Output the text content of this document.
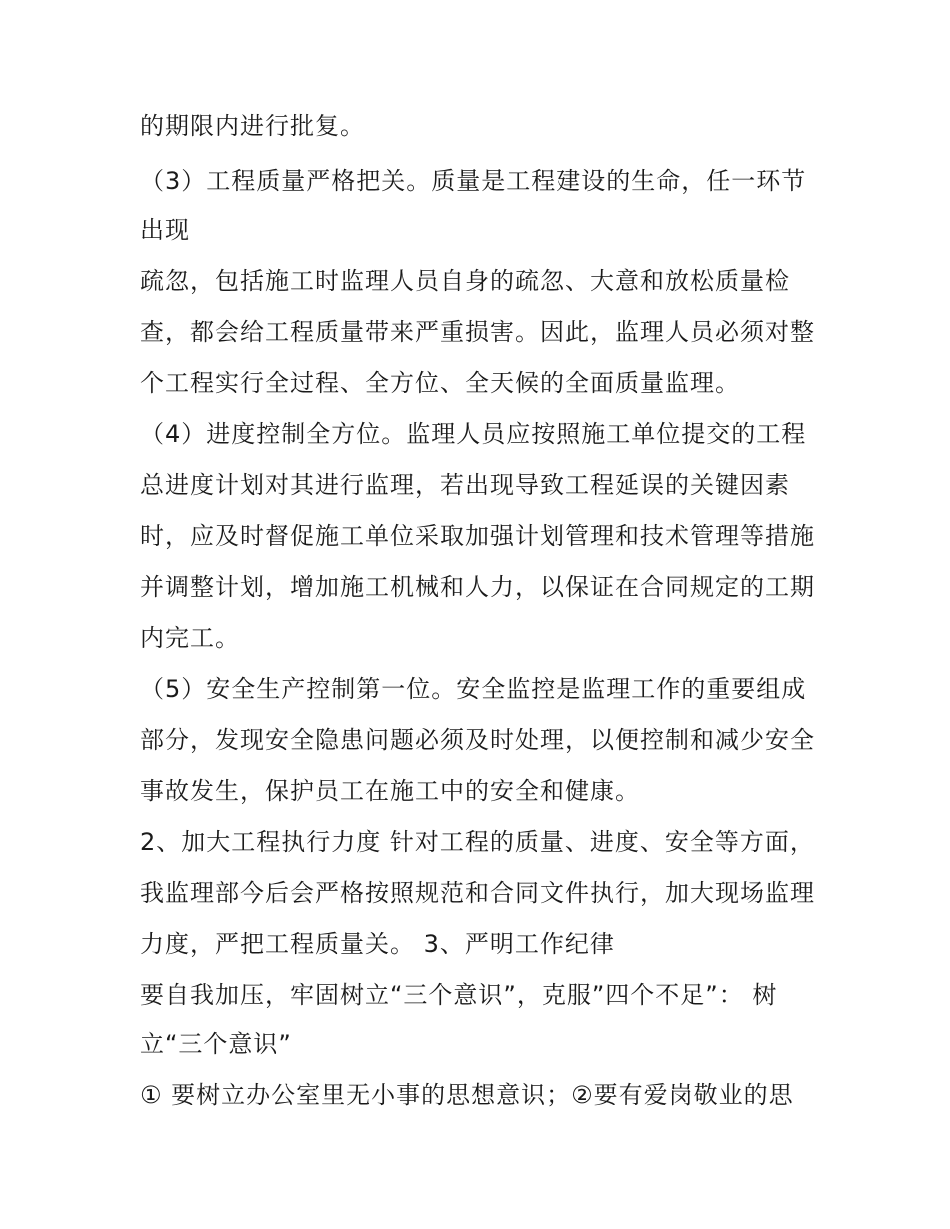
的期限内进行批复。
（3）工程质量严格把关。质量是工程建设的生命，任一环节
出现
疏忽，包括施工时监理人员自身的疏忽、大意和放松质量检
查，都会给工程质量带来严重损害。因此，监理人员必须对整
个工程实行全过程、全方位、全天候的全面质量监理。
（4）进度控制全方位。监理人员应按照施工单位提交的工程
总进度计划对其进行监理，若出现导致工程延误的关键因素
时，应及时督促施工单位采取加强计划管理和技术管理等措施
并调整计划，增加施工机械和人力，以保证在合同规定的工期
内完工。
（5）安全生产控制第一位。安全监控是监理工作的重要组成
部分，发现安全隐患问题必须及时处理，以便控制和减少安全
事故发生，保护员工在施工中的安全和健康。
2、加大工程执行力度 针对工程的质量、进度、安全等方面，
我监理部今后会严格按照规范和合同文件执行，加大现场监理
力度，严把工程质量关。 3、严明工作纪律
要自我加压，牢固树立“三个意识”，克服”四个不足”： 树
立“三个意识”
① 要树立办公室里无小事的思想意识；②要有爱岗敬业的思
